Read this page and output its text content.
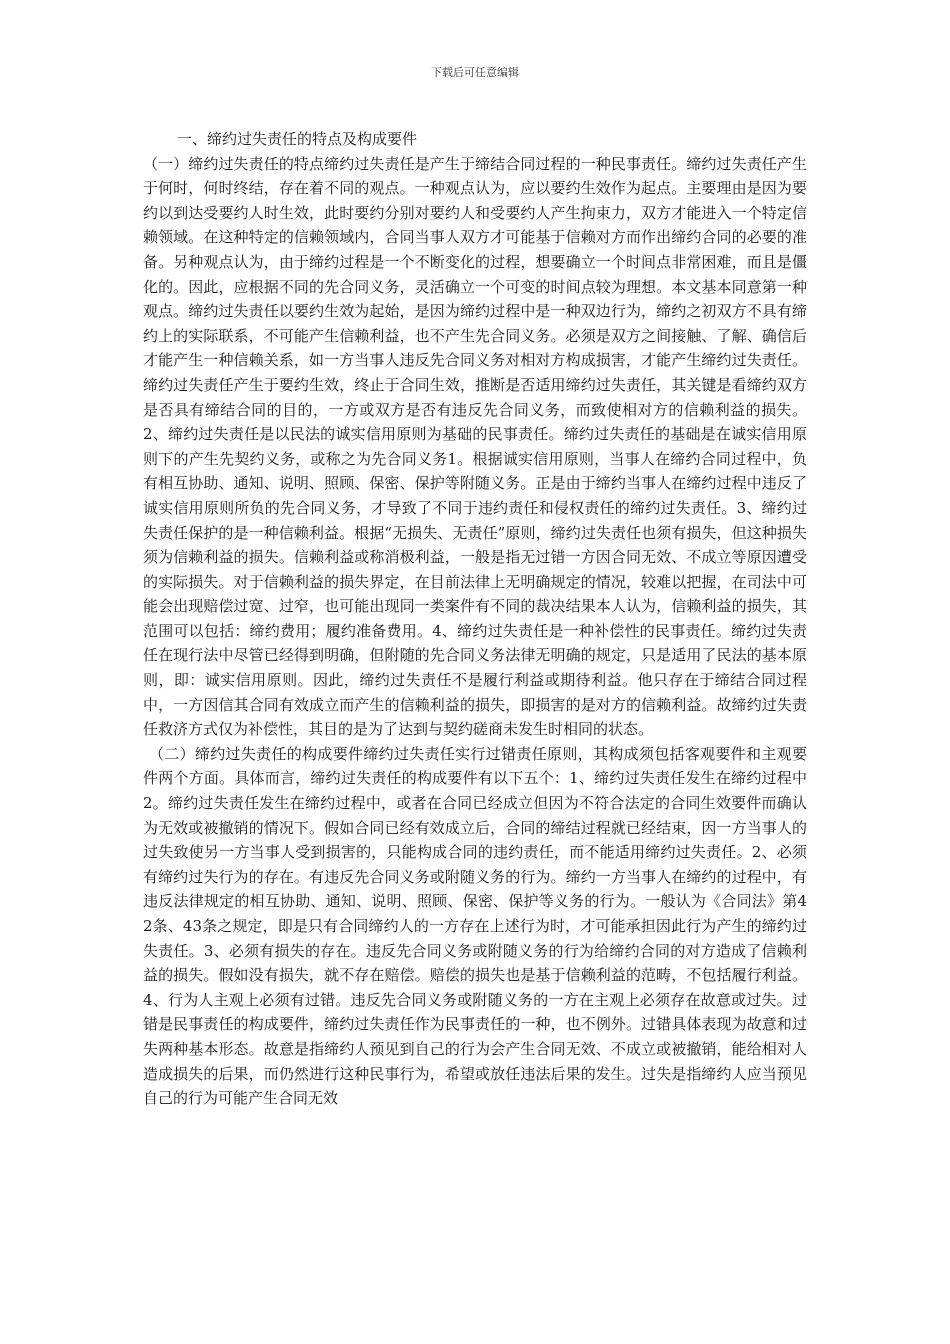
下载后可任意编辑

一、缔约过失责任的特点及构成要件

（一）缔约过失责任的特点缔约过失责任是产生于缔结合同过程的一种民事责任。缔约过失责任产生于何时，何时终结，存在着不同的观点。一种观点认为，应以要约生效作为起点。主要理由是因为要约以到达受要约人时生效，此时要约分别对要约人和受要约人产生拘束力，双方才能进入一个特定信赖领域。在这种特定的信赖领域内，合同当事人双方才可能基于信赖对方而作出缔约合同的必要的准备。另种观点认为，由于缔约过程是一个不断变化的过程，想要确立一个时间点非常困难，而且是僵化的。因此，应根据不同的先合同义务，灵活确立一个可变的时间点较为理想。本文基本同意第一种观点。缔约过失责任以要约生效为起始，是因为缔约过程中是一种双边行为，缔约之初双方不具有缔约上的实际联系，不可能产生信赖利益，也不产生先合同义务。必须是双方之间接触、了解、确信后才能产生一种信赖关系，如一方当事人违反先合同义务对相对方构成损害，才能产生缔约过失责任。缔约过失责任产生于要约生效，终止于合同生效，推断是否适用缔约过失责任，其关键是看缔约双方是否具有缔结合同的目的，一方或双方是否有违反先合同义务，而致使相对方的信赖利益的损失。2、缔约过失责任是以民法的诚实信用原则为基础的民事责任。缔约过失责任的基础是在诚实信用原则下的产生先契约义务，或称之为先合同义务1。根据诚实信用原则，当事人在缔约合同过程中，负有相互协助、通知、说明、照顾、保密、保护等附随义务。正是由于缔约当事人在缔约过程中违反了诚实信用原则所负的先合同义务，才导致了不同于违约责任和侵权责任的缔约过失责任。3、缔约过失责任保护的是一种信赖利益。根据“无损失、无责任”原则，缔约过失责任也须有损失，但这种损失须为信赖利益的损失。信赖利益或称消极利益，一般是指无过错一方因合同无效、不成立等原因遭受的实际损失。对于信赖利益的损失界定，在目前法律上无明确规定的情况，较难以把握，在司法中可能会出现赔偿过宽、过窄，也可能出现同一类案件有不同的裁决结果本人认为，信赖利益的损失，其范围可以包括：缔约费用；履约准备费用。4、缔约过失责任是一种补偿性的民事责任。缔约过失责任在现行法中尽管已经得到明确，但附随的先合同义务法律无明确的规定，只是适用了民法的基本原则，即：诚实信用原则。因此，缔约过失责任不是履行利益或期待利益。他只存在于缔结合同过程中，一方因信其合同有效成立而产生的信赖利益的损失，即损害的是对方的信赖利益。故缔约过失责任救济方式仅为补偿性，其目的是为了达到与契约磋商未发生时相同的状态。

（二）缔约过失责任的构成要件缔约过失责任实行过错责任原则，其构成须包括客观要件和主观要件两个方面。具体而言，缔约过失责任的构成要件有以下五个：1、缔约过失责任发生在缔约过程中2。缔约过失责任发生在缔约过程中，或者在合同已经成立但因为不符合法定的合同生效要件而确认为无效或被撤销的情况下。假如合同已经有效成立后，合同的缔结过程就已经结束，因一方当事人的过失致使另一方当事人受到损害的，只能构成合同的违约责任，而不能适用缔约过失责任。2、必须有缔约过失行为的存在。有违反先合同义务或附随义务的行为。缔约一方当事人在缔约的过程中，有违反法律规定的相互协助、通知、说明、照顾、保密、保护等义务的行为。一般认为《合同法》第42条、43条之规定，即是只有合同缔约人的一方存在上述行为时，才可能承担因此行为产生的缔约过失责任。3、必须有损失的存在。违反先合同义务或附随义务的行为给缔约合同的对方造成了信赖利益的损失。假如没有损失，就不存在赔偿。赔偿的损失也是基于信赖利益的范畴，不包括履行利益。4、行为人主观上必须有过错。违反先合同义务或附随义务的一方在主观上必须存在故意或过失。过错是民事责任的构成要件，缔约过失责任作为民事责任的一种，也不例外。过错具体表现为故意和过失两种基本形态。故意是指缔约人预见到自己的行为会产生合同无效、不成立或被撤销，能给相对人造成损失的后果，而仍然进行这种民事行为，希望或放任违法后果的发生。过失是指缔约人应当预见自己的行为可能产生合同无效
